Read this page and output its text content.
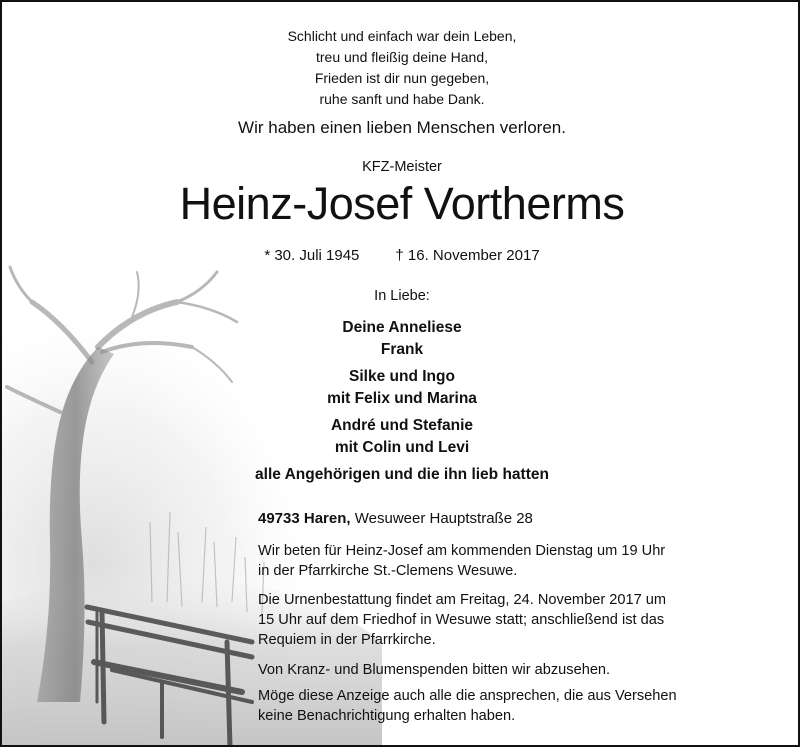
Schlicht und einfach war dein Leben,
treu und fleißig deine Hand,
Frieden ist dir nun gegeben,
ruhe sanft und habe Dank.
Wir haben einen lieben Menschen verloren.
KFZ-Meister
Heinz-Josef Vortherms
* 30. Juli 1945 † 16. November 2017
In Liebe:
Deine Anneliese
Frank
Silke und Ingo
mit Felix und Marina
André und Stefanie
mit Colin und Levi
alle Angehörigen und die ihn lieb hatten
49733 Haren, Wesuweer Hauptstraße 28
Wir beten für Heinz-Josef am kommenden Dienstag um 19 Uhr
in der Pfarrkirche St.-Clemens Wesuwe.
Die Urnenbestattung findet am Freitag, 24. November 2017 um
15 Uhr auf dem Friedhof in Wesuwe statt; anschließend ist das
Requiem in der Pfarrkirche.
Von Kranz- und Blumenspenden bitten wir abzusehen.
Möge diese Anzeige auch alle die ansprechen, die aus Versehen
keine Benachrichtigung erhalten haben.
